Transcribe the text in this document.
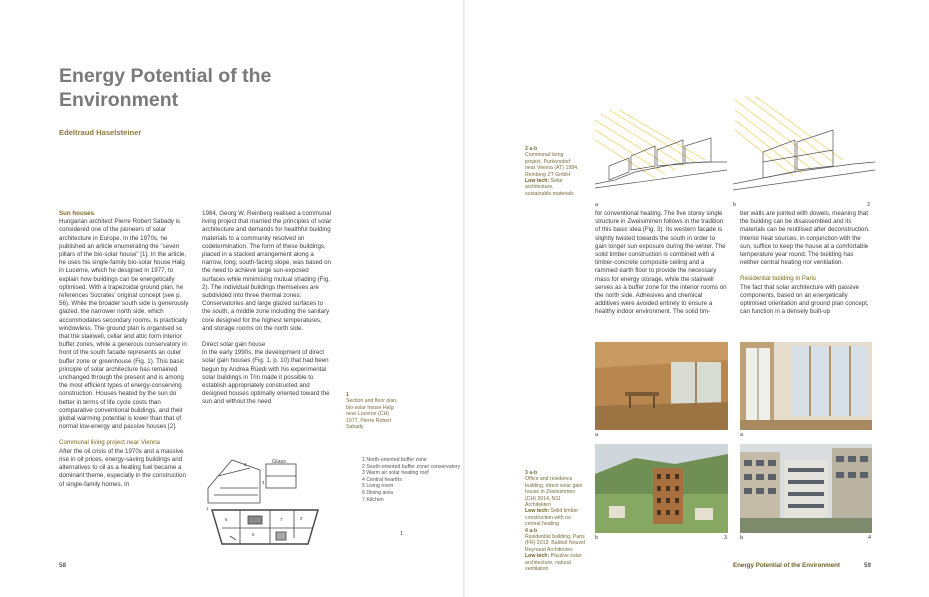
Energy Potential of the Environment
Edeltraud Haselsteiner

Sun houses

Hungarian architect Pierre Robert Sabady is considered one of the pioneers of solar architecture in Europe. In the 1970s, he published an article enumerating the "seven pillars of the bio-solar house" [1]. In the article, he uses his single-family bio-solar house Halg in Lucerne, which he designed in 1977, to explain how buildings can be energetically optimised. With a trapezoidal ground plan, he references Socrates' original concept (see p. 56). While the broader south side is generously glazed, the narrower north side, which accommodates secondary rooms, is practically windowless. The ground plan is organised so that the stairwell, cellar and attic form interior buffer zones, while a generous conservatory in front of the south facade represents an outer buffer zone or greenhouse (Fig. 1). This basic principle of solar architecture has remained unchanged through the present and is among the most efficient types of energy-conserving construction. Houses heated by the sun do better in terms of life cycle costs than comparative conventional buildings, and their global warming potential is lower than that of normal low-energy and passive houses [2].

Communal living project near Vienna

After the oil crisis of the 1970s and a massive rise in oil prices, energy-saving buildings and alternatives to oil as a heating fuel became a dominant theme, especially in the construction of single-family homes. In

1984, Georg W. Reinberg realised a communal living project that married the principles of solar architecture and demands for healthful building materials to a community resolved on codetermination. The form of these buildings, placed in a stacked arrangement along a narrow, long, south-facing slope, was based on the need to achieve large sun-exposed surfaces while minimising mutual shading (Fig. 2). The individual buildings themselves are subdivided into three thermal zones: Conservatories and large glazed surfaces to the south, a middle zone including the sanitary core designed for the highest temperatures, and storage rooms on the north side.

Direct solar gain house

In the early 1990s, the development of direct solar gain houses (Fig. 1, p. 10) that had been begun by Andrea Rüedi with his experimental solar buildings in Trin made it possible to establish appropriately constructed and designed houses optimally oriented toward the sun and without the need

1

Section and floor plan, bio-solar house Halg near Lucerne (CH) 1977, Pierre Robert Sabady

1
5
6
7	2
3
4
Glass	1 North-oriented buffer zone
2 South-oriented buffer zone/ conservatory
3 Warm air solar heating roof
4 Central hearths
5 Living room
6 Dining area
7 Kitchen
1
58

2 a-b

Communal living project, Purkersdorf near Vienna (AT) 1984, Reinberg ZT GmbH

Low tech: Solar architecture, sustainable materials

a	b	2

for conventional heating. The five storey single structure in Zweisimmen follows in the tradition of this basic idea (Fig. 3). Its western facade is slightly twisted towards the south in order to gain longer sun exposure during the winter. The solid timber construction is combined with a timber-concrete composite ceiling and a rammed earth floor to provide the necessary mass for energy storage, while the stairwell serves as a buffer zone for the interior rooms on the north side. Adhesives and chemical additives were avoided entirely to ensure a healthy indoor environment. The solid tim-

ber walls are jointed with dowels, meaning that the building can be disassembled and its materials can be reutilised after deconstruction. Interior heat sources, in conjunction with the sun, suffice to keep the house at a comfortable temperature year round. The building has neither central heating nor ventilation.

Residential building in Paris

The fact that solar architecture with passive components, based on an energetically optimised orientation and ground plan concept, can function in a densely built-up

a
b	3

3 a-b

Office and residence building, direct solar gain house in Zweisimmen (CH) 2014, N11 Architekten

Low tech: Solid timber construction with no central heating

4 a-b

Residential building, Paris (FR) 2013, Baldod Nouvel Reynaud Architectes

Low tech: Passive solar architecture, natural ventilation

a
b	4
Energy Potential of the Environment	59
